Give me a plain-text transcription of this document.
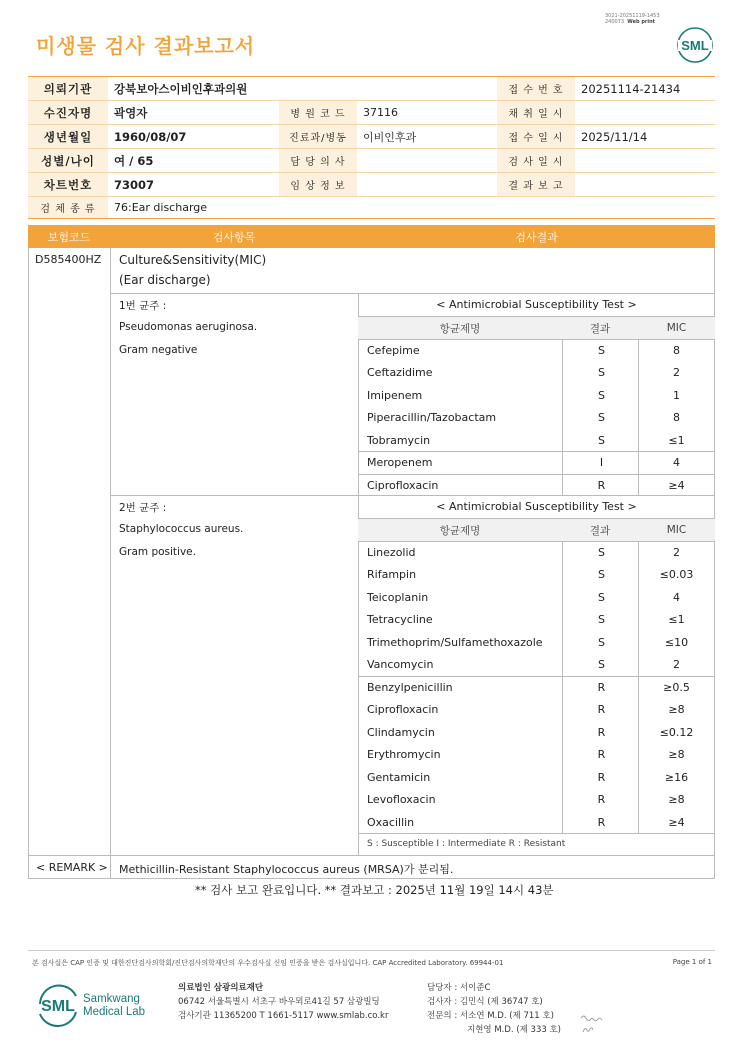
3021-20251119-1453
240073 Web print
미생물 검사 결과보고서	SML
의뢰기관	강북보아스이비인후과의원	접 수 번 호	20251114-21434
수진자명	곽영자	병 원 코 드	37116	채 취 일 시
생년월일	1960/08/07	진료과/병동	이비인후과	접 수 일 시	2025/11/14
성별/나이	여 / 65	담 당 의 사	검 사 일 시
차트번호	73007	임 상 정 보	결 과 보 고
검 체 종 류	76:Ear discharge
보험코드	검사항목	검사결과
D585400HZ Culture&Sensitivity(MIC)
(Ear discharge)
1번 균주 :
Pseudomonas aeruginosa.
Gram negative
< Antimicrobial Susceptibility Test >
항균제명	결과	MIC
Cefepime	S	8
Ceftazidime	S	2
Imipenem	S	1
Piperacillin/Tazobactam	S	8
Tobramycin	S	≤1
Meropenem	I	4
Ciprofloxacin	R	≥4
2번 균주 :
Staphylococcus aureus.
Gram positive.
< Antimicrobial Susceptibility Test >
항균제명	결과	MIC
Linezolid	S	2
Rifampin	S	≤0.03
Teicoplanin	S	4
Tetracycline	S	≤1
Trimethoprim/Sulfamethoxazole	S	≤10
Vancomycin	S	2
Benzylpenicillin	R	≥0.5
Ciprofloxacin	R	≥8
Clindamycin	R	≤0.12
Erythromycin	R	≥8
Gentamicin	R	≥16
Levofloxacin	R	≥8
Oxacillin	R	≥4
S : Susceptible I : Intermediate R : Resistant
< REMARK > Methicillin-Resistant Staphylococcus aureus (MRSA)가 분리됨.
** 검사 보고 완료입니다. ** 결과보고 : 2025년 11월 19일 14시 43분
본 검사실은 CAP 인증 및 대한진단검사의학회/진단검사의학재단의 우수검사실 신임 인증을 받은 검사실입니다. CAP Accredited Laboratory. 69944-01	Page 1 of 1
SML Samkwang
Medical Lab
의료법인 삼광의료재단
06742 서울특별시 서초구 바우뫼로41길 57 삼광빌딩
검사기관 11365200 T 1661-5117 www.smlab.co.kr
담당자 : 서이준C
검사자 : 김민식 (제 36747 호)
전문의 : 서소연 M.D. (제 711 호)
지현영 M.D. (제 333 호)
